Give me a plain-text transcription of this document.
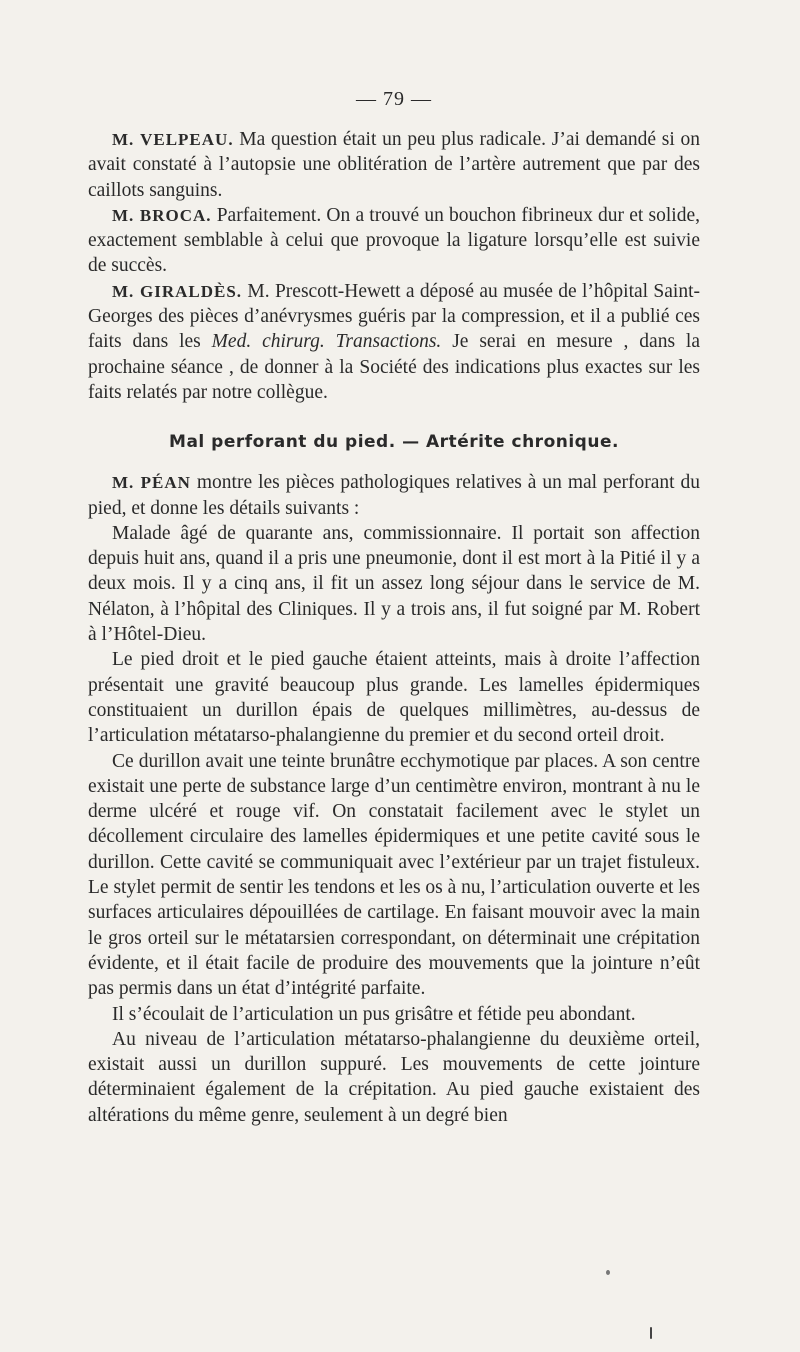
— 79 —

M. VELPEAU. Ma question était un peu plus radicale. J’ai demandé si on avait constaté à l’autopsie une oblitération de l’artère autrement que par des caillots sanguins.

M. BROCA. Parfaitement. On a trouvé un bouchon fibrineux dur et solide, exactement semblable à celui que provoque la ligature lorsqu’elle est suivie de succès.

M. GIRALDÈS. M. Prescott-Hewett a déposé au musée de l’hôpital Saint-Georges des pièces d’anévrysmes guéris par la compression, et il a publié ces faits dans les Med. chirurg. Transactions. Je serai en mesure , dans la prochaine séance , de donner à la Société des indications plus exactes sur les faits relatés par notre collègue.

Mal perforant du pied. — Artérite chronique.

M. PÉAN montre les pièces pathologiques relatives à un mal perforant du pied, et donne les détails suivants :

Malade âgé de quarante ans, commissionnaire. Il portait son affection depuis huit ans, quand il a pris une pneumonie, dont il est mort à la Pitié il y a deux mois. Il y a cinq ans, il fit un assez long séjour dans le service de M. Nélaton, à l’hôpital des Cliniques. Il y a trois ans, il fut soigné par M. Robert à l’Hôtel-Dieu.

Le pied droit et le pied gauche étaient atteints, mais à droite l’affection présentait une gravité beaucoup plus grande. Les lamelles épidermiques constituaient un durillon épais de quelques millimètres, au-dessus de l’articulation métatarso-phalangienne du premier et du second orteil droit.

Ce durillon avait une teinte brunâtre ecchymotique par places. A son centre existait une perte de substance large d’un centimètre environ, montrant à nu le derme ulcéré et rouge vif. On constatait facilement avec le stylet un décollement circulaire des lamelles épidermiques et une petite cavité sous le durillon. Cette cavité se communiquait avec l’extérieur par un trajet fistuleux. Le stylet permit de sentir les tendons et les os à nu, l’articulation ouverte et les surfaces articulaires dépouillées de cartilage. En faisant mouvoir avec la main le gros orteil sur le métatarsien correspondant, on déterminait une crépitation évidente, et il était facile de produire des mouvements que la jointure n’eût pas permis dans un état d’intégrité parfaite.

Il s’écoulait de l’articulation un pus grisâtre et fétide peu abondant.

Au niveau de l’articulation métatarso-phalangienne du deuxième orteil, existait aussi un durillon suppuré. Les mouvements de cette jointure déterminaient également de la crépitation. Au pied gauche existaient des altérations du même genre, seulement à un degré bien
